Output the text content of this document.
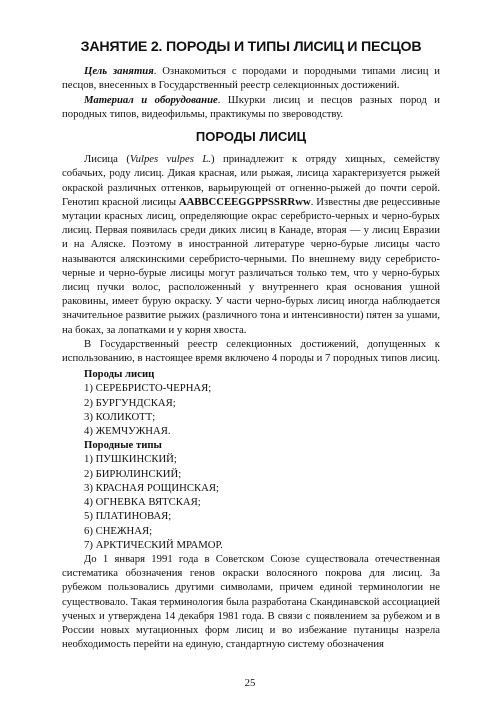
ЗАНЯТИЕ 2. ПОРОДЫ И ТИПЫ ЛИСИЦ И ПЕСЦОВ

Цель занятия. Ознакомиться с породами и породными типами лисиц и песцов, внесенных в Государственный реестр селекционных достижений.

Материал и оборудование. Шкурки лисиц и песцов разных пород и породных типов, видеофильмы, практикумы по звероводству.

ПОРОДЫ ЛИСИЦ

Лисица (Vulpes vulpes L.) принадлежит к отряду хищных, семейству собачьих, роду лисиц. Дикая красная, или рыжая, лисица характеризуется рыжей окраской различных оттенков, варьирующей от огненно-рыжей до почти серой. Генотип красной лисицы AABBCCEEGGPPSSRRww. Известны две рецессивные мутации красных лисиц, определяющие окрас серебристо-черных и черно-бурых лисиц. Первая появилась среди диких лисиц в Канаде, вторая — у лисиц Евразии и на Аляске. Поэтому в иностранной литературе черно-бурые лисицы часто называются аляскинскими серебристо-черными. По внешнему виду серебристо-черные и черно-бурые лисицы могут различаться только тем, что у черно-бурых лисиц пучки волос, расположенный у внутреннего края основания ушной раковины, имеет бурую окраску. У части черно-бурых лисиц иногда наблюдается значительное развитие рыжих (различного тона и интенсивности) пятен за ушами, на боках, за лопатками и у корня хвоста.

В Государственный реестр селекционных достижений, допущенных к использованию, в настоящее время включено 4 породы и 7 породных типов лисиц.

Породы лисиц
1) СЕРЕБРИСТО-ЧЕРНАЯ;
2) БУРГУНДСКАЯ;
3) КОЛИКОТТ;
4) ЖЕМЧУЖНАЯ.
Породные типы
1) ПУШКИНСКИЙ;
2) БИРЮЛИНСКИЙ;
3) КРАСНАЯ РОЩИНСКАЯ;
4) ОГНЕВКА ВЯТСКАЯ;
5) ПЛАТИНОВАЯ;
6) СНЕЖНАЯ;
7) АРКТИЧЕСКИЙ МРАМОР.

До 1 января 1991 года в Советском Союзе существовала отечественная систематика обозначения генов окраски волосяного покрова для лисиц. За рубежом пользовались другими символами, причем единой терминологии не существовало. Такая терминология была разработана Скандинавской ассоциацией ученых и утверждена 14 декабря 1981 года. В связи с появлением за рубежом и в России новых мутационных форм лисиц и во избежание путаницы назрела необходимость перейти на единую, стандартную систему обозначения

25
